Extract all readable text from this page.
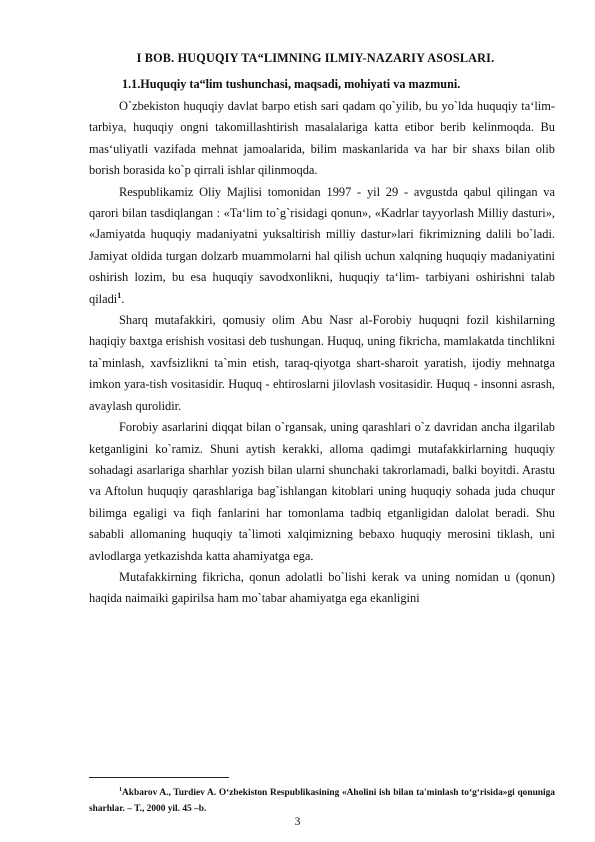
I BOB. HUQUQIY TA“LIMNING ILMIY-NAZARIY ASOSLARI.
1.1.Huquqiy ta“lim tushunchasi, maqsadi, mohiyati va mazmuni.

O`zbekiston huquqiy davlat barpo etish sari qadam qo`yilib, bu yo`lda huquqiy ta‘lim-tarbiya, huquqiy ongni takomillashtirish masalalariga katta etibor berib kelinmoqda. Bu mas‘uliyatli vazifada mehnat jamoalarida, bilim maskanlarida va har bir shaxs bilan olib borish borasida ko`p qirrali ishlar qilinmoqda.

Respublikamiz Oliy Majlisi tomonidan 1997 - yil 29 - avgustda qabul qilingan va qarori bilan tasdiqlangan : «Ta‘lim to`g`risidagi qonun», «Kadrlar tayyorlash Milliy dasturi», «Jamiyatda huquqiy madaniyatni yuksaltirish milliy dastur»lari fikrimizning dalili bo`ladi. Jamiyat oldida turgan dolzarb muammolarni hal qilish uchun xalqning huquqiy madaniyatini oshirish lozim, bu esa huquqiy savodxonlikni, huquqiy ta‘lim- tarbiyani oshirishni talab qiladi$^1$.

Sharq mutafakkiri, qomusiy olim Abu Nasr al-Forobiy huquqni fozil kishilarning haqiqiy baxtga erishish vositasi deb tushungan. Huquq, uning fikricha, mamlakatda tinchlikni ta`minlash, xavfsizlikni ta`min etish, taraq-qiyotga shart-sharoit yaratish, ijodiy mehnatga imkon yara-tish vositasidir. Huquq - ehtiroslarni jilovlash vositasidir. Huquq - insonni asrash, avaylash qurolidir.

Forobiy asarlarini diqqat bilan o`rgansak, uning qarashlari o`z davridan ancha ilgarilab ketganligini ko`ramiz. Shuni aytish kerakki, alloma qadimgi mutafakkirlarning huquqiy sohadagi asarlariga sharhlar yozish bilan ularni shunchaki takrorlamadi, balki boyitdi. Arastu va Aftolun huquqiy qarashlariga bag`ishlangan kitoblari uning huquqiy sohada juda chuqur bilimga egaligi va fiqh fanlarini har tomonlama tadbiq etganligidan dalolat beradi. Shu sababli allomaning huquqiy ta`limoti xalqimizning bebaxo huquqiy merosini tiklash, uni avlodlarga yetkazishda katta ahamiyatga ega.

Mutafakkirning fikricha, qonun adolatli bo`lishi kerak va uning nomidan u (qonun) haqida naimaiki gapirilsa ham mo`tabar ahamiyatga ega ekanligini

$^1$Akbarov A., Turdiev A. O‘zbekiston Respublikasining «Aholini ish bilan ta'minlash to‘g‘risida»gi qonuniga sharhlar. – T., 2000 yil. 45 –b.
3
